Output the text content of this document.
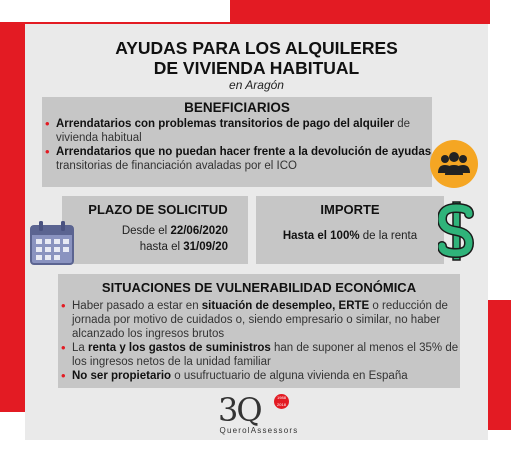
AYUDAS PARA LOS ALQUILERES
DE VIVIENDA HABITUAL
en Aragón
BENEFICIARIOS
• Arrendatarios con problemas transitorios de pago del alquiler de vivienda habitual
• Arrendatarios que no puedan hacer frente a la devolución de ayudas transitorias de financiación avaladas por el ICO
PLAZO DE SOLICITUD
Desde el 22/06/2020
hasta el 31/09/20
IMPORTE
Hasta el 100% de la renta
SITUACIONES DE VULNERABILIDAD ECONÓMICA
• Haber pasado a estar en situación de desempleo, ERTE o reducción de jornada por motivo de cuidados o, siendo empresario o similar, no haber alcanzado los ingresos brutos
• La renta y los gastos de suministros han de suponer al menos el 35% de los ingresos netos de la unidad familiar
• No ser propietario o usufructuario de alguna vivienda en España
3Q	1988 2018
QuerolAssessors
